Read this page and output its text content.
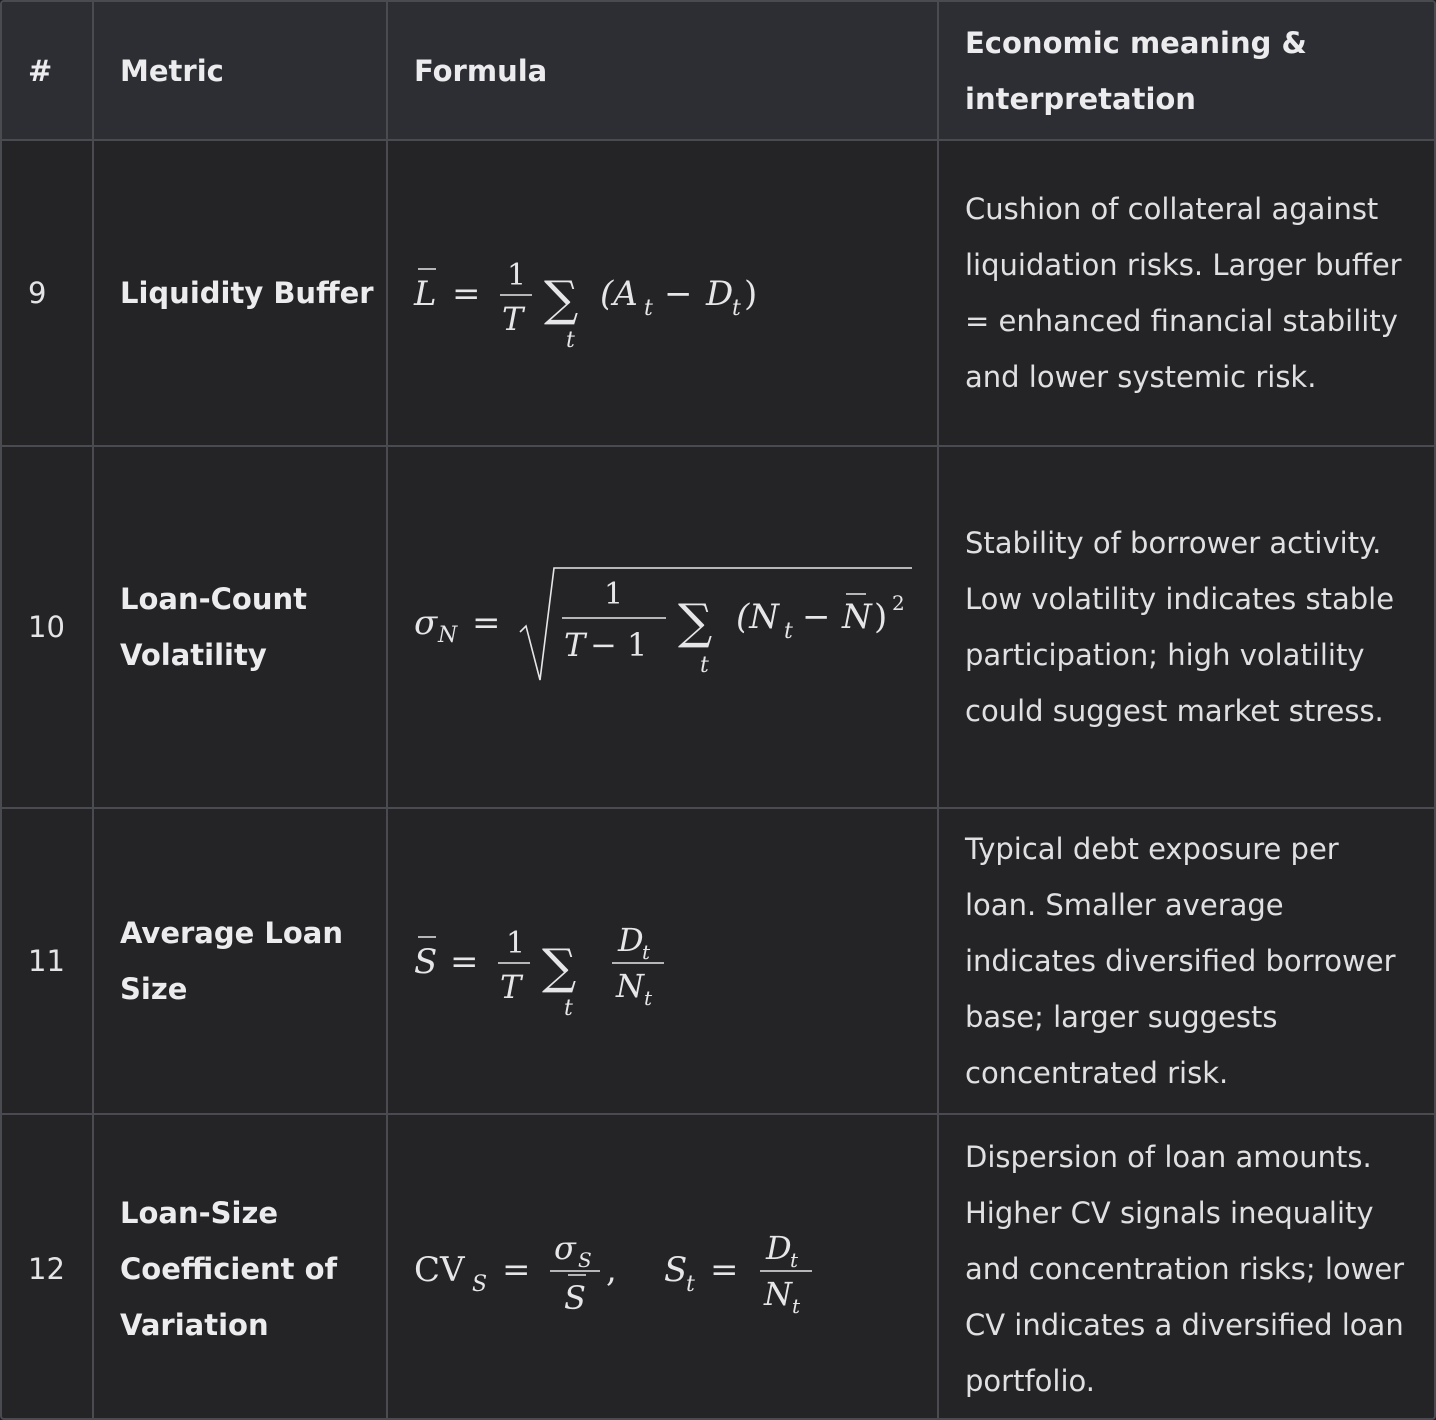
# Metric	Formula
Economic meaning & interpretation
9	Liquidity Buffer L = 1
T ∑
t
(A t − D
t )
Cushion of collateral against liquidation risks. Larger buffer = enhanced financial stability and lower systemic risk.
10
Loan-Count Volatility
σ N =
1
T − 1 ∑
t
(N t − N ) 2
Stability of borrower activity. Low volatility indicates stable participation; high volatility could suggest market stress.
11
Average Loan Size
S = 1
T ∑
t
D
t
N t
Typical debt exposure per loan. Smaller average indicates diversified borrower base; larger suggests concentrated risk.
12
Loan-Size Coefficient of Variation
CV S =
σ S
S
, S
t =
D
t
N t
Dispersion of loan amounts. Higher CV signals inequality and concentration risks; lower CV indicates a diversified loan portfolio.
